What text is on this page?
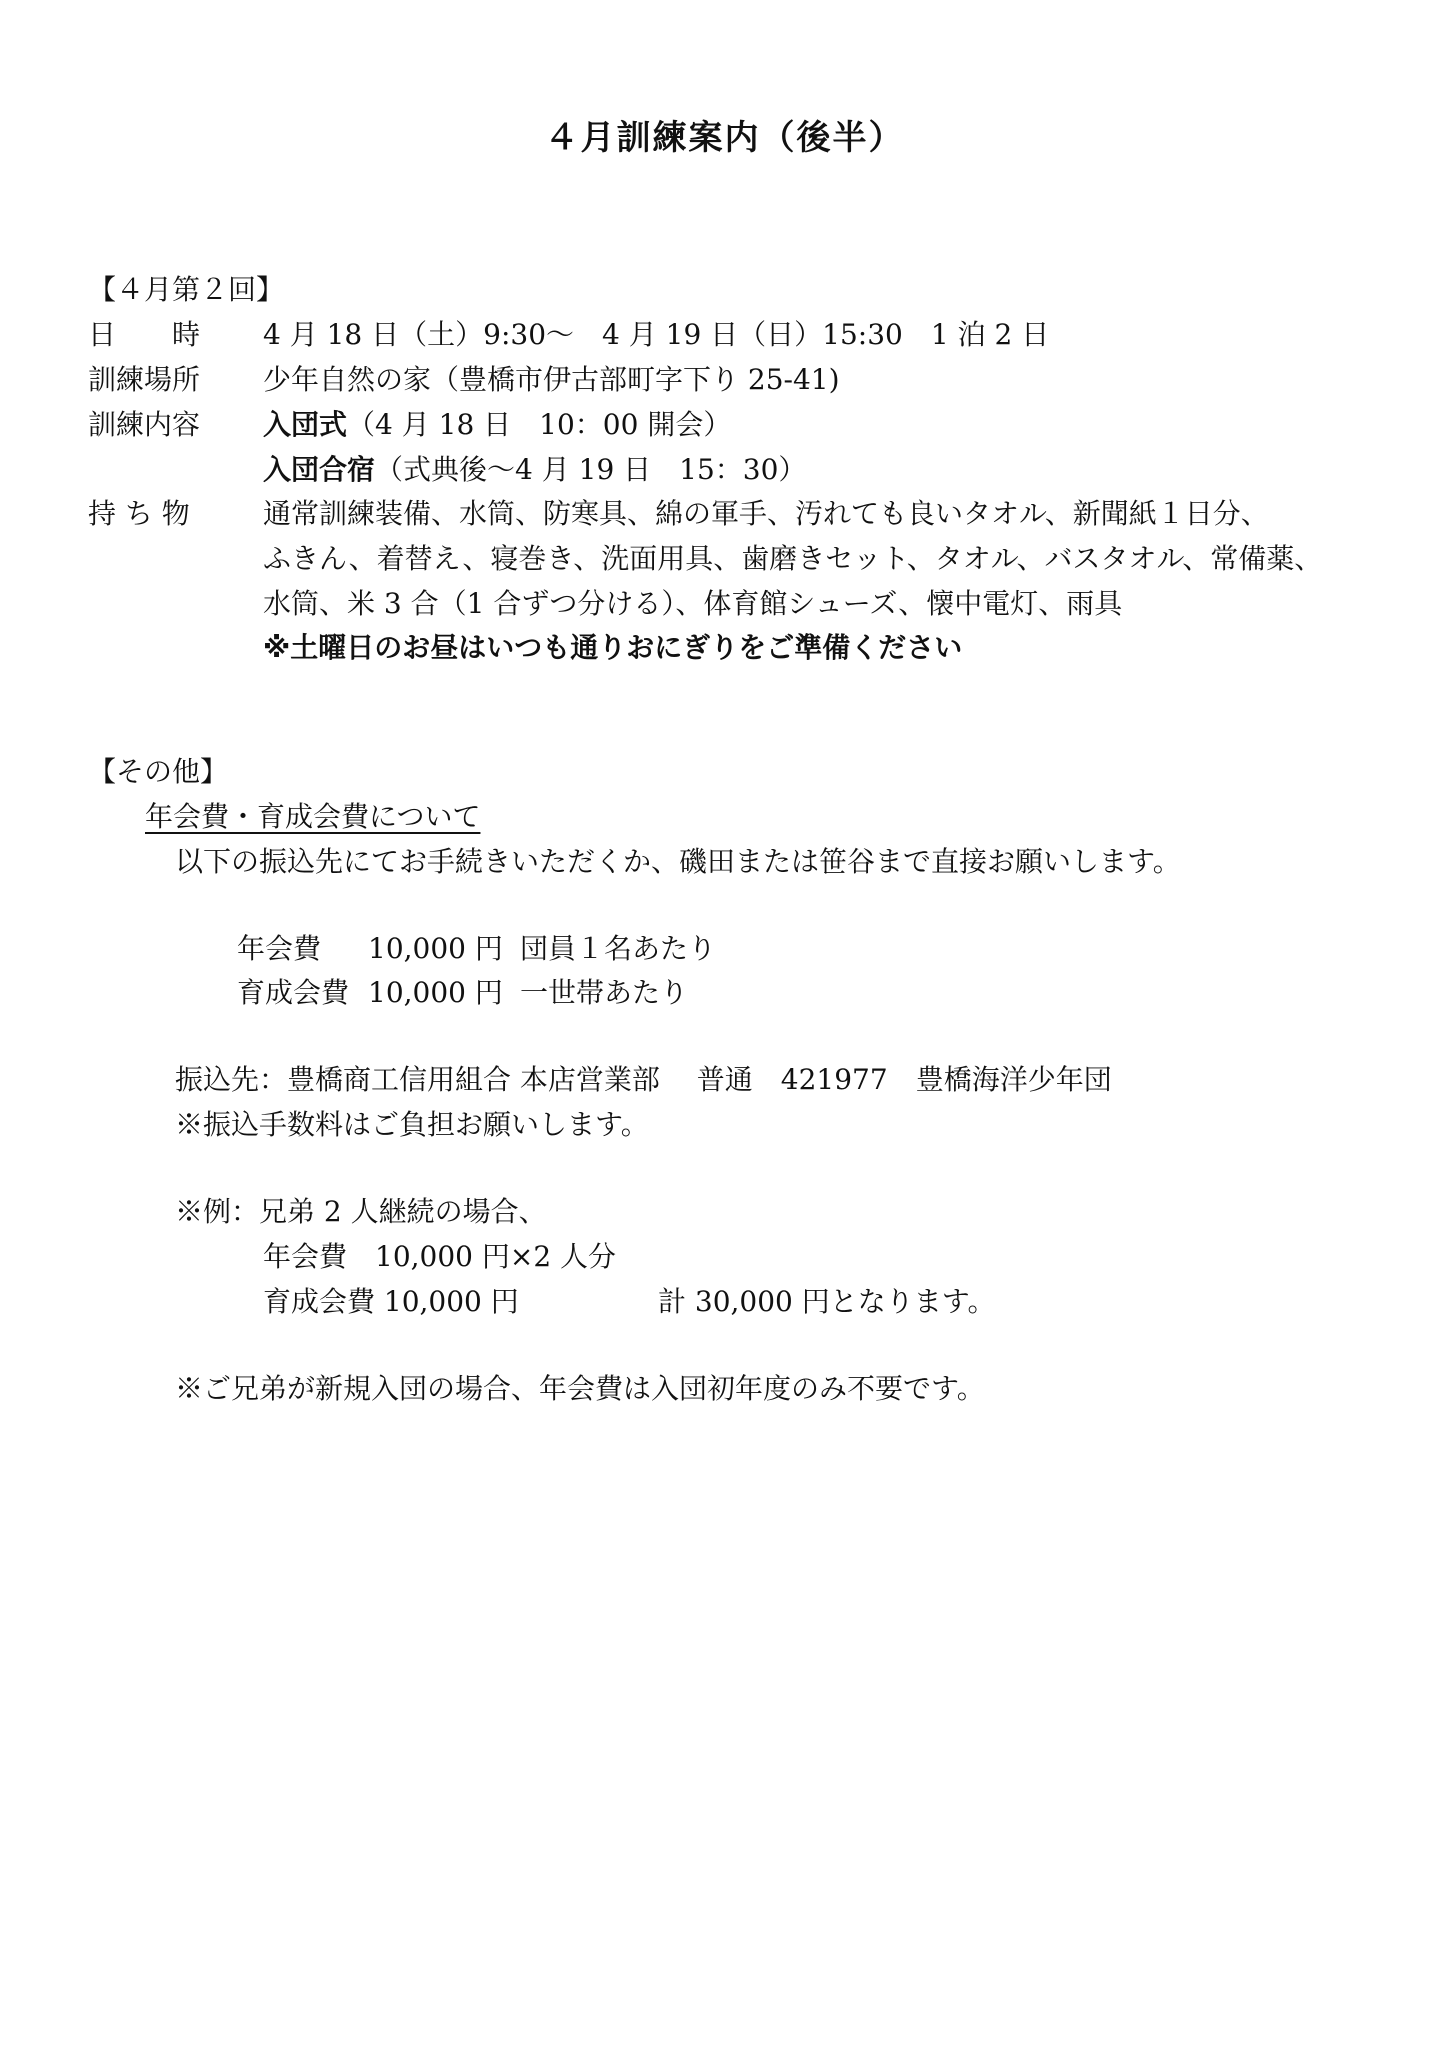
４月訓練案内（後半）
【４月第２回】
日　　時 4 月 18 日（土）9:30～　4 月 19 日（日）15:30　1 泊 2 日
訓練場所 少年自然の家（豊橋市伊古部町字下り 25-41)
訓練内容 入団式（4 月 18 日　10：00 開会）
入団合宿（式典後～4 月 19 日　15：30）
持 ち 物	通常訓練装備、水筒、防寒具、綿の軍手、汚れても良いタオル、新聞紙１日分、
ふきん、着替え、寝巻き、洗面用具、歯磨きセット、タオル、バスタオル、常備薬、
水筒、米 3 合（1 合ずつ分ける）、体育館シューズ、懐中電灯、雨具
※土曜日のお昼はいつも通りおにぎりをご準備ください
【その他】
年会費・育成会費について
以下の振込先にてお手続きいただくか、磯田または笹谷まで直接お願いします。
年会費 10,000 円 団員１名あたり
育成会費 10,000 円 一世帯あたり
振込先：豊橋商工信用組合 本店営業部　 普通　421977　豊橋海洋少年団
※振込手数料はご負担お願いします。
※例：兄弟 2 人継続の場合、
年会費　10,000 円×2 人分
育成会費 10,000 円	計 30,000 円となります。
※ご兄弟が新規入団の場合、年会費は入団初年度のみ不要です。
